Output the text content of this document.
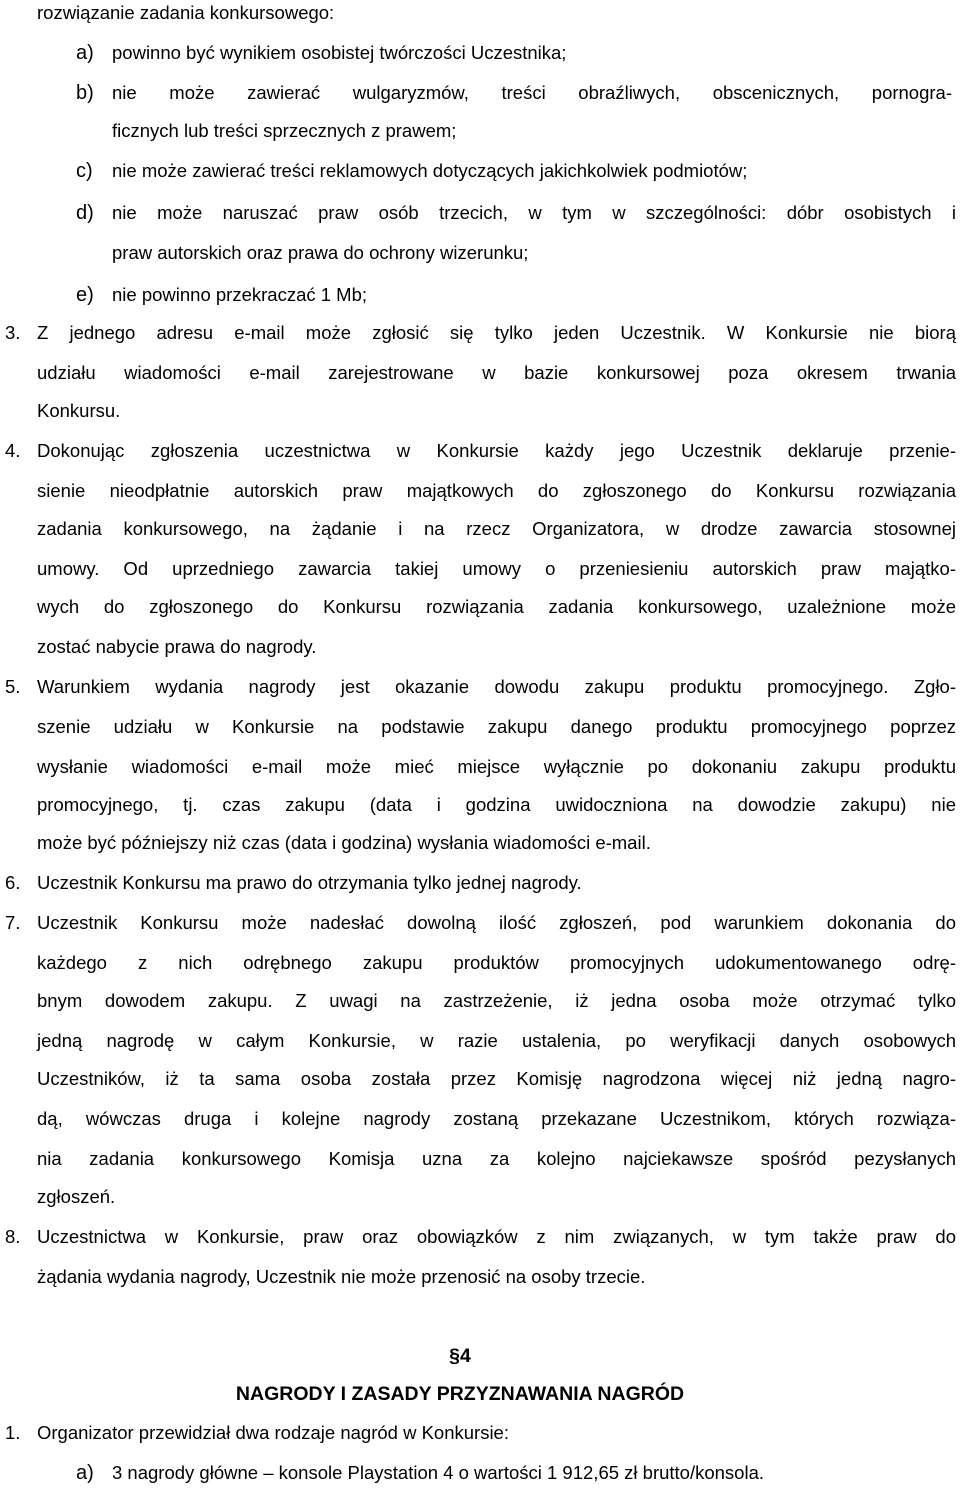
rozwiązanie zadania konkursowego:
a) powinno być wynikiem osobistej twórczości Uczestnika;
b) nie może zawierać wulgaryzmów, treści obraźliwych, obscenicznych, pornogra-
ficznych lub treści sprzecznych z prawem;
c) nie może zawierać treści reklamowych dotyczących jakichkolwiek podmiotów;
d) nie może naruszać praw osób trzecich, w tym w szczególności: dóbr osobistych i
praw autorskich oraz prawa do ochrony wizerunku;
e) nie powinno przekraczać 1 Mb;
3. Z jednego adresu e-mail może zgłosić się tylko jeden Uczestnik. W Konkursie nie biorą
udziału wiadomości e-mail zarejestrowane w bazie konkursowej poza okresem trwania
Konkursu.
4. Dokonując zgłoszenia uczestnictwa w Konkursie każdy jego Uczestnik deklaruje przenie-
sienie nieodpłatnie autorskich praw majątkowych do zgłoszonego do Konkursu rozwiązania
zadania konkursowego, na żądanie i na rzecz Organizatora, w drodze zawarcia stosownej
umowy. Od uprzedniego zawarcia takiej umowy o przeniesieniu autorskich praw majątko-
wych do zgłoszonego do Konkursu rozwiązania zadania konkursowego, uzależnione może
zostać nabycie prawa do nagrody.
5. Warunkiem wydania nagrody jest okazanie dowodu zakupu produktu promocyjnego. Zgło-
szenie udziału w Konkursie na podstawie zakupu danego produktu promocyjnego poprzez
wysłanie wiadomości e-mail może mieć miejsce wyłącznie po dokonaniu zakupu produktu
promocyjnego, tj. czas zakupu (data i godzina uwidoczniona na dowodzie zakupu) nie
może być późniejszy niż czas (data i godzina) wysłania wiadomości e-mail.
6. Uczestnik Konkursu ma prawo do otrzymania tylko jednej nagrody.
7. Uczestnik Konkursu może nadesłać dowolną ilość zgłoszeń, pod warunkiem dokonania do
każdego z nich odrębnego zakupu produktów promocyjnych udokumentowanego odrę-
bnym dowodem zakupu. Z uwagi na zastrzeżenie, iż jedna osoba może otrzymać tylko
jedną nagrodę w całym Konkursie, w razie ustalenia, po weryfikacji danych osobowych
Uczestników, iż ta sama osoba została przez Komisję nagrodzona więcej niż jedną nagro-
dą, wówczas druga i kolejne nagrody zostaną przekazane Uczestnikom, których rozwiąza-
nia zadania konkursowego Komisja uzna za kolejno najciekawsze spośród pezysłanych
zgłoszeń.
8. Uczestnictwa w Konkursie, praw oraz obowiązków z nim związanych, w tym także praw do
żądania wydania nagrody, Uczestnik nie może przenosić na osoby trzecie.
§4
NAGRODY I ZASADY PRZYZNAWANIA NAGRÓD
1. Organizator przewidział dwa rodzaje nagród w Konkursie:
a) 3 nagrody główne – konsole Playstation 4 o wartości 1 912,65 zł brutto/konsola.
